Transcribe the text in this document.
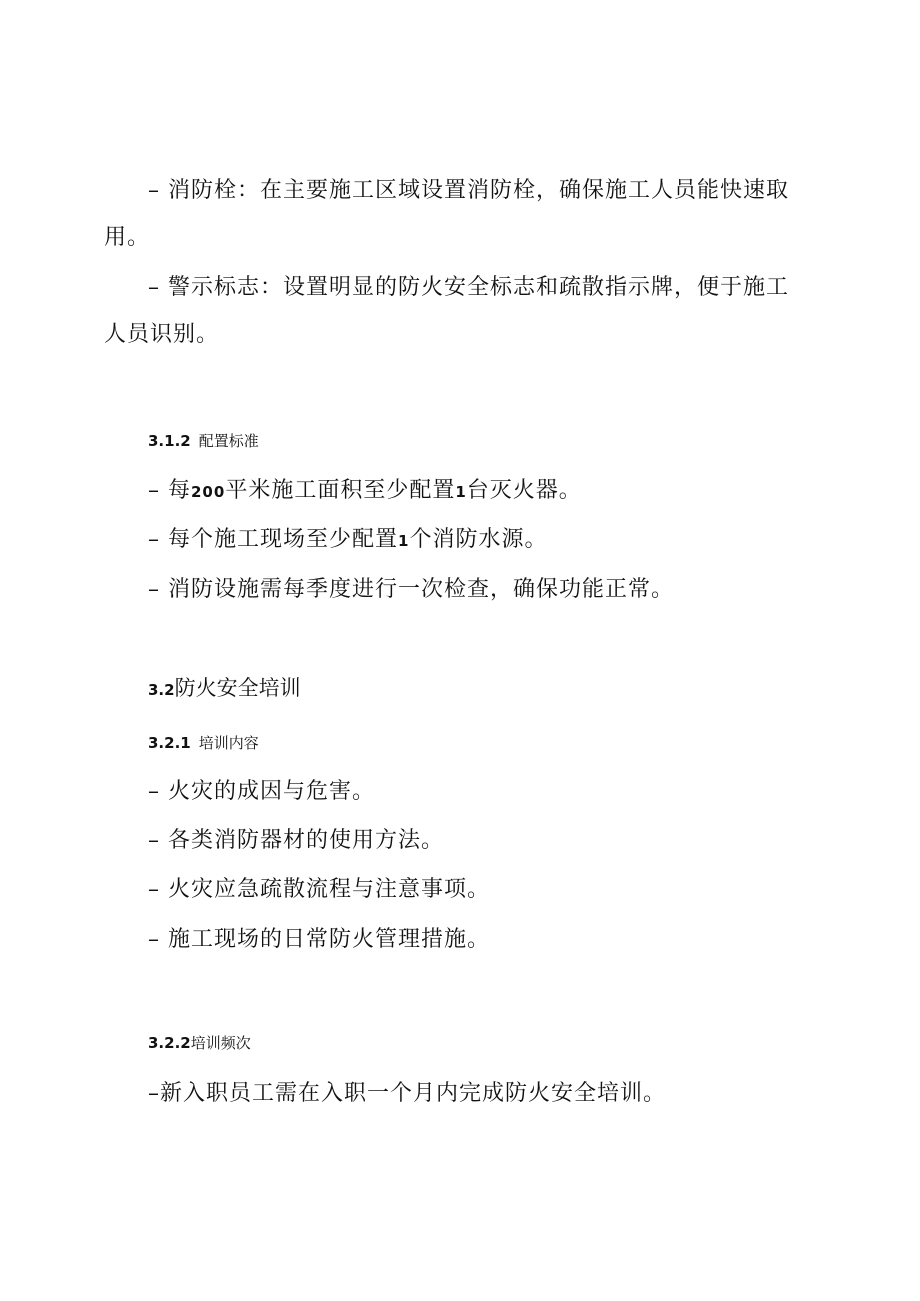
– 消防栓：在主要施工区域设置消防栓，确保施工人员能快速取
用。
– 警示标志：设置明显的防火安全标志和疏散指示牌，便于施工
人员识别。
3.1.2 配置标准
– 每200平米施工面积至少配置1台灭火器。
– 每个施工现场至少配置1个消防水源。
– 消防设施需每季度进行一次检查，确保功能正常。
3.2防火安全培训
3.2.1 培训内容
– 火灾的成因与危害。
– 各类消防器材的使用方法。
– 火灾应急疏散流程与注意事项。
– 施工现场的日常防火管理措施。
3.2.2培训频次
–新入职员工需在入职一个月内完成防火安全培训。
